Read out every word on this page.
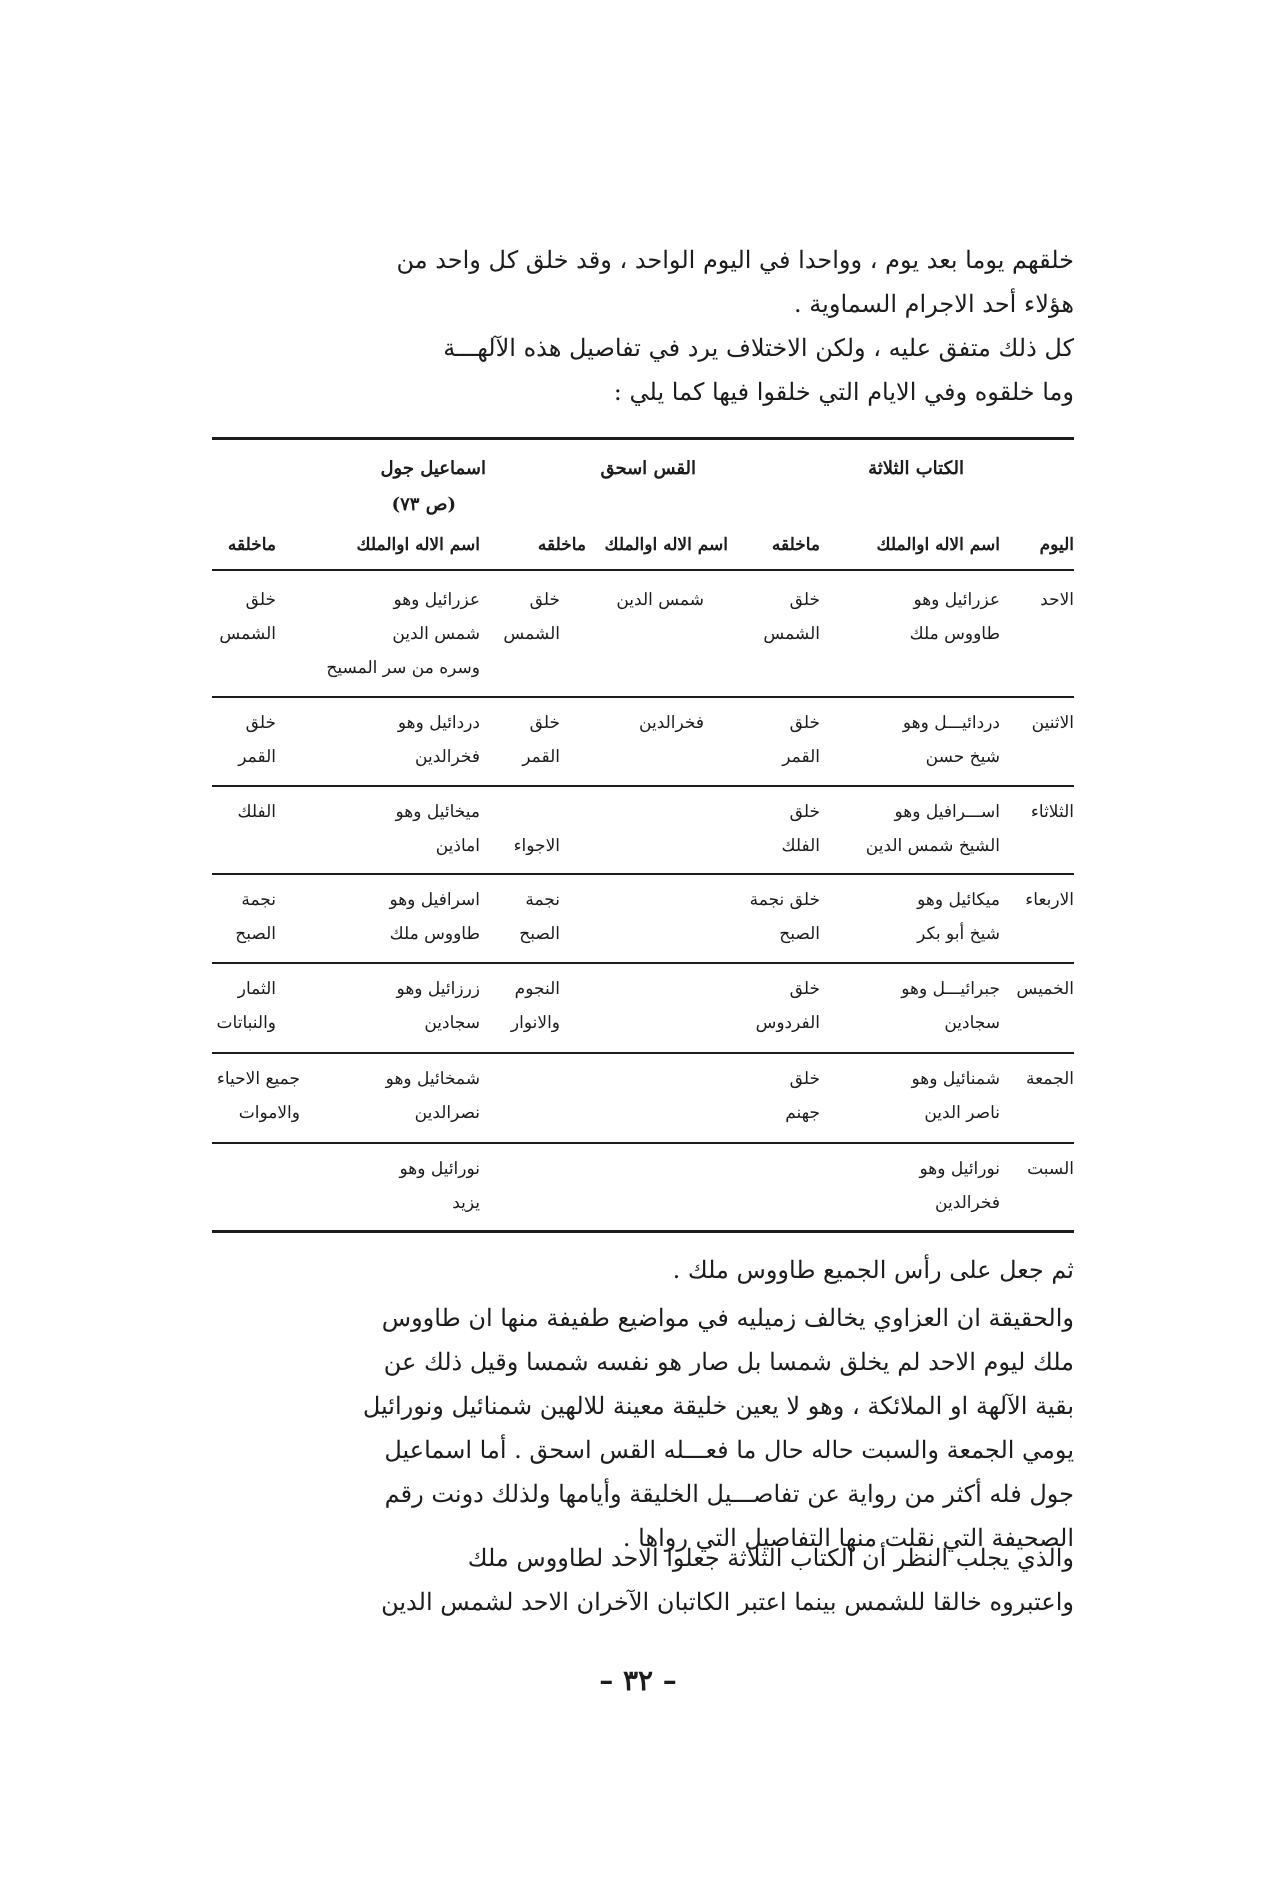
خلقهم يوما بعد يوم ، وواحدا في اليوم الواحد ، وقد خلق كل واحد من
هؤلاء أحد الاجرام السماوية .
كل ذلك متفق عليه ، ولكن الاختلاف يرد في تفاصيل هذه الآلهـــة
وما خلقوه وفي الايام التي خلقوا فيها كما يلي :
الكتاب الثلاثة
القس اسحق
اسماعيل جول
(ص ٧٣)
اليوم
اسم الاله اوالملك
ماخلقه
اسم الاله اوالملك
ماخلقه
اسم الاله اوالملك
ماخلقه
الاحد
عزرائيل وهو
طاووس ملك
خلق
الشمس
شمس الدين
خلق
الشمس
عزرائيل وهو
شمس الدين
وسره من سر المسيح
خلق
الشمس
الاثنين
دردائيـــل وهو
شيخ حسن
خلق
القمر
فخرالدين
خلق
القمر
دردائيل وهو
فخرالدين
خلق
القمر
الثلاثاء
اســـرافيل وهو
الشيخ شمس الدين
خلق
الفلك
الاجواء
ميخائيل وهو
اماذين
الفلك
الاربعاء
ميكائيل وهو
شيخ أبو بكر
خلق نجمة
الصبح
نجمة
الصبح
اسرافيل وهو
طاووس ملك
نجمة
الصبح
الخميس
جبرائيـــل وهو
سجادين
خلق
الفردوس
النجوم
والانوار
زرزائيل وهو
سجادين
الثمار
والنباتات
الجمعة
شمنائيل وهو
ناصر الدين
خلق
جهنم
شمخائيل وهو
نصرالدين
جميع الاحياء
والاموات
السبت
نورائيل وهو
فخرالدين
نورائيل وهو
يزيد
ثم جعل على رأس الجميع طاووس ملك .
والحقيقة ان العزاوي يخالف زميليه في مواضيع طفيفة منها ان طاووس
ملك ليوم الاحد لم يخلق شمسا بل صار هو نفسه شمسا وقيل ذلك عن
بقية الآلهة او الملائكة ، وهو لا يعين خليقة معينة للالهين شمنائيل ونورائيل
يومي الجمعة والسبت حاله حال ما فعـــله القس اسحق . أما اسماعيل
جول فله أكثر من رواية عن تفاصـــيل الخليقة وأيامها ولذلك دونت رقم
الصحيفة التي نقلت منها التفاصيل التي رواها .
والذي يجلب النظر أن الكتاب الثلاثة جعلوا الاحد لطاووس ملك
واعتبروه خالقا للشمس بينما اعتبر الكاتبان الآخران الاحد لشمس الدين
– ٣٢ –
